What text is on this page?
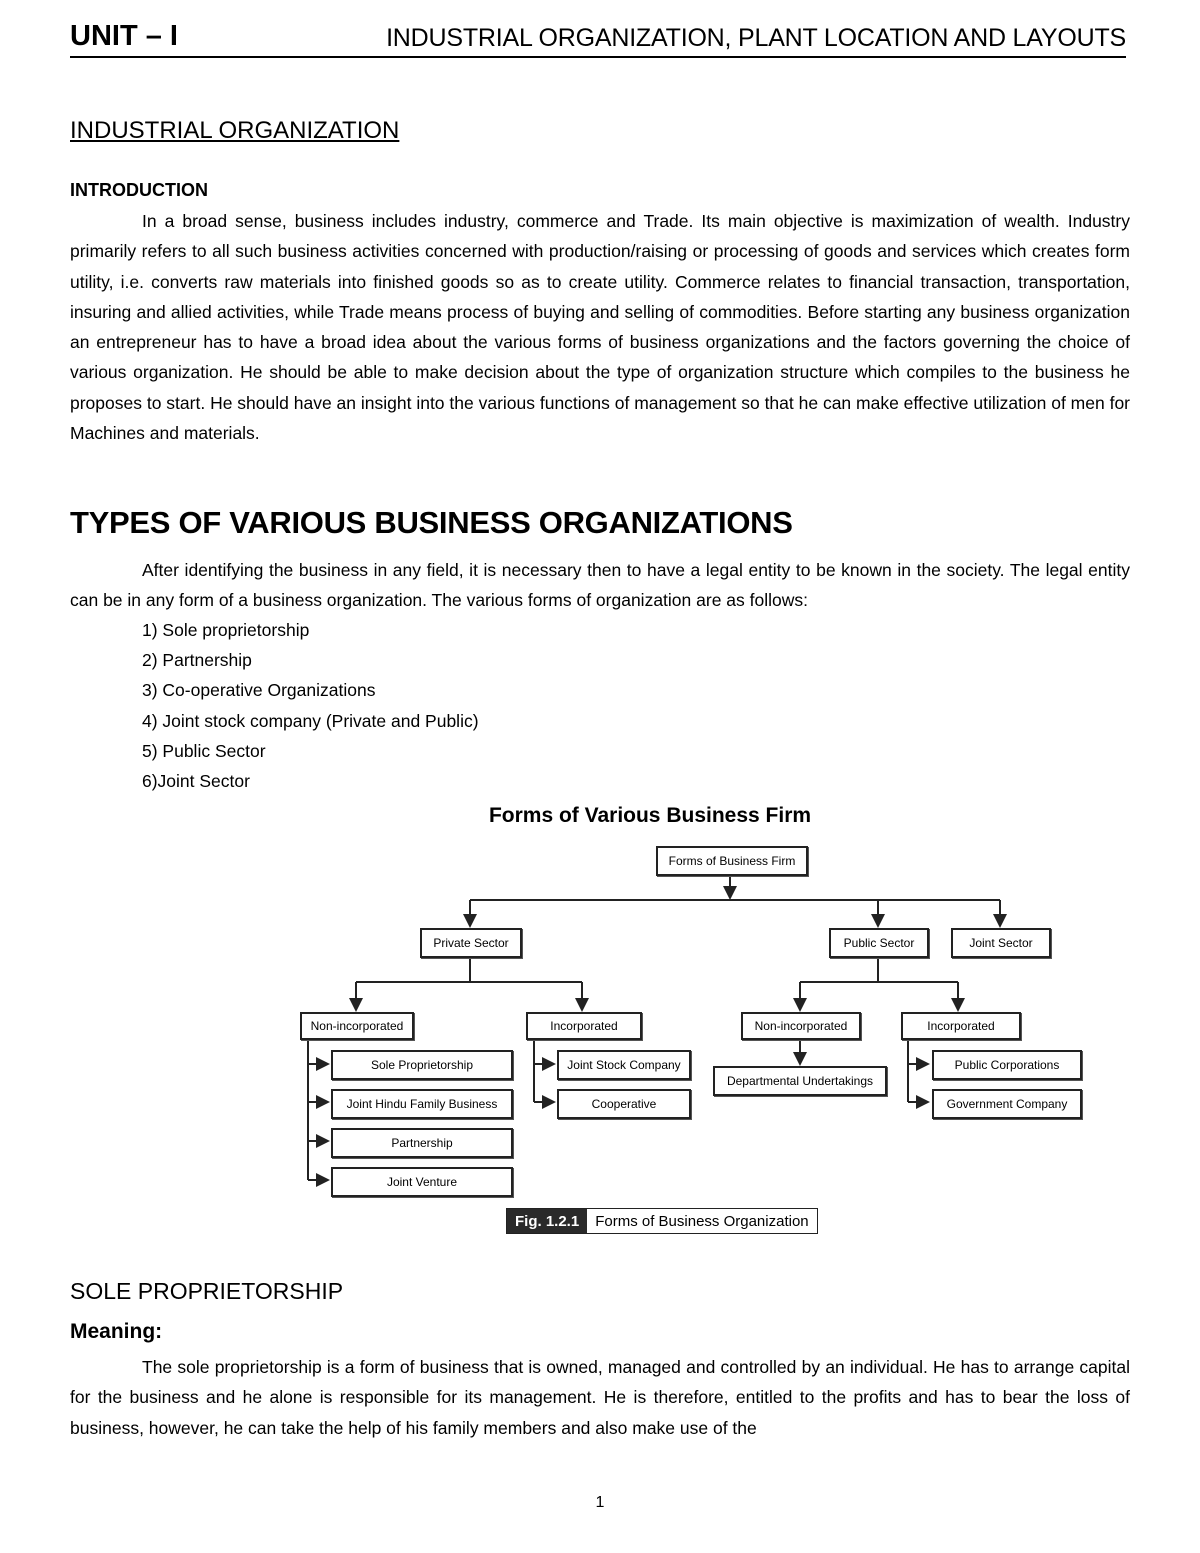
UNIT – I	INDUSTRIAL ORGANIZATION, PLANT LOCATION AND LAYOUTS
INDUSTRIAL ORGANIZATION
INTRODUCTION

In a broad sense, business includes industry, commerce and Trade. Its main objective is maximization of wealth. Industry primarily refers to all such business activities concerned with production/raising or processing of goods and services which creates form utility, i.e. converts raw materials into finished goods so as to create utility. Commerce relates to financial transaction, transportation, insuring and allied activities, while Trade means process of buying and selling of commodities. Before starting any business organization an entrepreneur has to have a broad idea about the various forms of business organizations and the factors governing the choice of various organization. He should be able to make decision about the type of organization structure which compiles to the business he proposes to start. He should have an insight into the various functions of management so that he can make effective utilization of men for Machines and materials.

TYPES OF VARIOUS BUSINESS ORGANIZATIONS

After identifying the business in any field, it is necessary then to have a legal entity to be known in the society. The legal entity can be in any form of a business organization. The various forms of organization are as follows:

1) Sole proprietorship
2) Partnership
3) Co-operative Organizations
4) Joint stock company (Private and Public)
5) Public Sector
6)Joint Sector
Forms of Various Business Firm
Forms of Business Firm
Private Sector	Public Sector	Joint Sector
Non-incorporated	Incorporated	Non-incorporated	Incorporated
Sole Proprietorship
Joint Hindu Family Business
Partnership
Joint Venture
Joint Stock Company
Cooperative
Departmental Undertakings
Public Corporations
Government Company
Fig. 1.2.1	Forms of Business Organization
SOLE PROPRIETORSHIP
Meaning:

The sole proprietorship is a form of business that is owned, managed and controlled by an individual. He has to arrange capital for the business and he alone is responsible for its management. He is therefore, entitled to the profits and has to bear the loss of business, however, he can take the help of his family members and also make use of the

1
